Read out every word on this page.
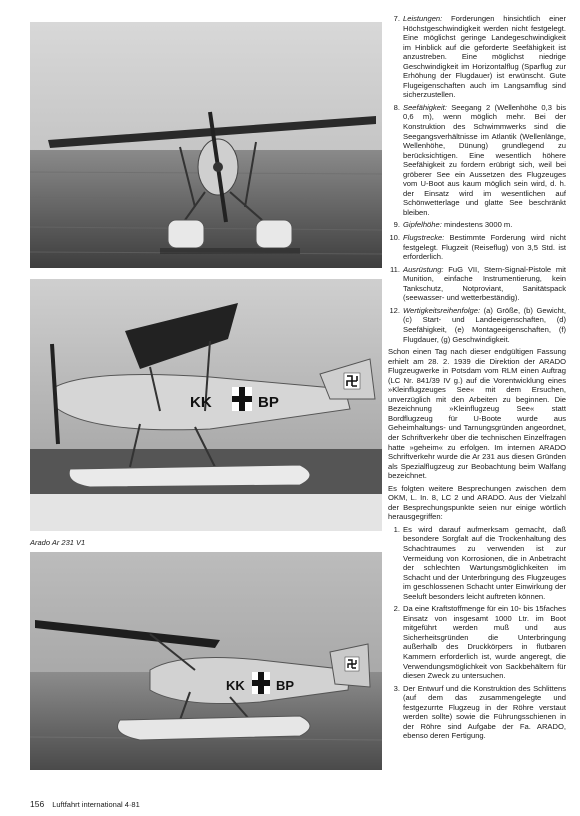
KK	BP
Arado Ar 231 V1
KK BP
7. Leistungen: Forderungen hinsichtlich einer Höchstgeschwindigkeit werden nicht festgelegt. Eine möglichst geringe Landegeschwindigkeit im Hinblick auf die geforderte Seefähigkeit ist anzustreben. Eine möglichst niedrige Geschwindigkeit im Horizontalflug (Sparflug zur Erhöhung der Flugdauer) ist erwünscht. Gute Flugeigenschaften auch im Langsamflug sind sicherzustellen.
8. Seefähigkeit: Seegang 2 (Wellenhöhe 0,3 bis 0,6 m), wenn möglich mehr. Bei der Konstruktion des Schwimmwerks sind die Seegangsverhältnisse im Atlantik (Wellenlänge, Wellenhöhe, Dünung) grundlegend zu berücksichtigen. Eine wesentlich höhere Seefähigkeit zu fordern erübrigt sich, weil bei gröberer See ein Aussetzen des Flugzeuges vom U-Boot aus kaum möglich sein wird, d. h. der Einsatz wird im wesentlichen auf Schönwetterlage und glatte See beschränkt bleiben.
9. Gipfelhöhe: mindestens 3000 m.
10. Flugstrecke: Bestimmte Forderung wird nicht festgelegt. Flugzeit (Reiseflug) von 3,5 Std. ist erforderlich.
11. Ausrüstung: FuG VII, Stern-Signal-Pistole mit Munition, einfache Instrumentierung, kein Tankschutz, Notproviant, Sanitätspack (seewasser- und wetterbeständig).
12. Wertigkeitsreihenfolge: (a) Größe, (b) Gewicht, (c) Start- und Landeeigenschaften, (d) Seefähigkeit, (e) Montageeigenschaften, (f) Flugdauer, (g) Geschwindigkeit.

Schon einen Tag nach dieser endgültigen Fassung erhielt am 28. 2. 1939 die Direktion der ARADO Flugzeugwerke in Potsdam vom RLM einen Auftrag (LC Nr. 841/39 IV g.) auf die Vorentwicklung eines »Kleinflugzeuges See« mit dem Ersuchen, unverzüglich mit den Arbeiten zu beginnen. Die Bezeichnung »Kleinflugzeug See« statt Bordflugzeug für U-Boote wurde aus Geheimhaltungs- und Tarnungsgründen angeordnet, der Schriftverkehr über die technischen Einzelfragen hatte »geheim« zu erfolgen. Im internen ARADO Schriftverkehr wurde die Ar 231 aus diesen Gründen als Spezialflugzeug zur Beobachtung beim Walfang bezeichnet.

Es folgten weitere Besprechungen zwischen dem OKM, L. In. 8, LC 2 und ARADO. Aus der Vielzahl der Besprechungspunkte seien nur einige wörtlich herausgegriffen:

1. Es wird darauf aufmerksam gemacht, daß besondere Sorgfalt auf die Trockenhaltung des Schachtraumes zu verwenden ist zur Vermeidung von Korrosionen, die in Anbetracht der schlechten Wartungsmöglichkeiten im Schacht und der Unterbringung des Flugzeuges im geschlossenen Schacht unter Einwirkung der Seeluft besonders leicht auftreten können.
2. Da eine Kraftstoffmenge für ein 10- bis 15faches Einsatz von insgesamt 1000 Ltr. im Boot mitgeführt werden muß und aus Sicherheitsgründen die Unterbringung außerhalb des Druckkörpers in flutbaren Kammern erforderlich ist, wurde angeregt, die Verwendungsmöglichkeit von Sackbehältern für diesen Zweck zu untersuchen.
3. Der Entwurf und die Konstruktion des Schlittens (auf dem das zusammengelegte und festgezurrte Flugzeug in der Röhre verstaut werden sollte) sowie die Führungsschienen in der Röhre sind Aufgabe der Fa. ARADO, ebenso deren Fertigung.
156 Luftfahrt international 4·81
